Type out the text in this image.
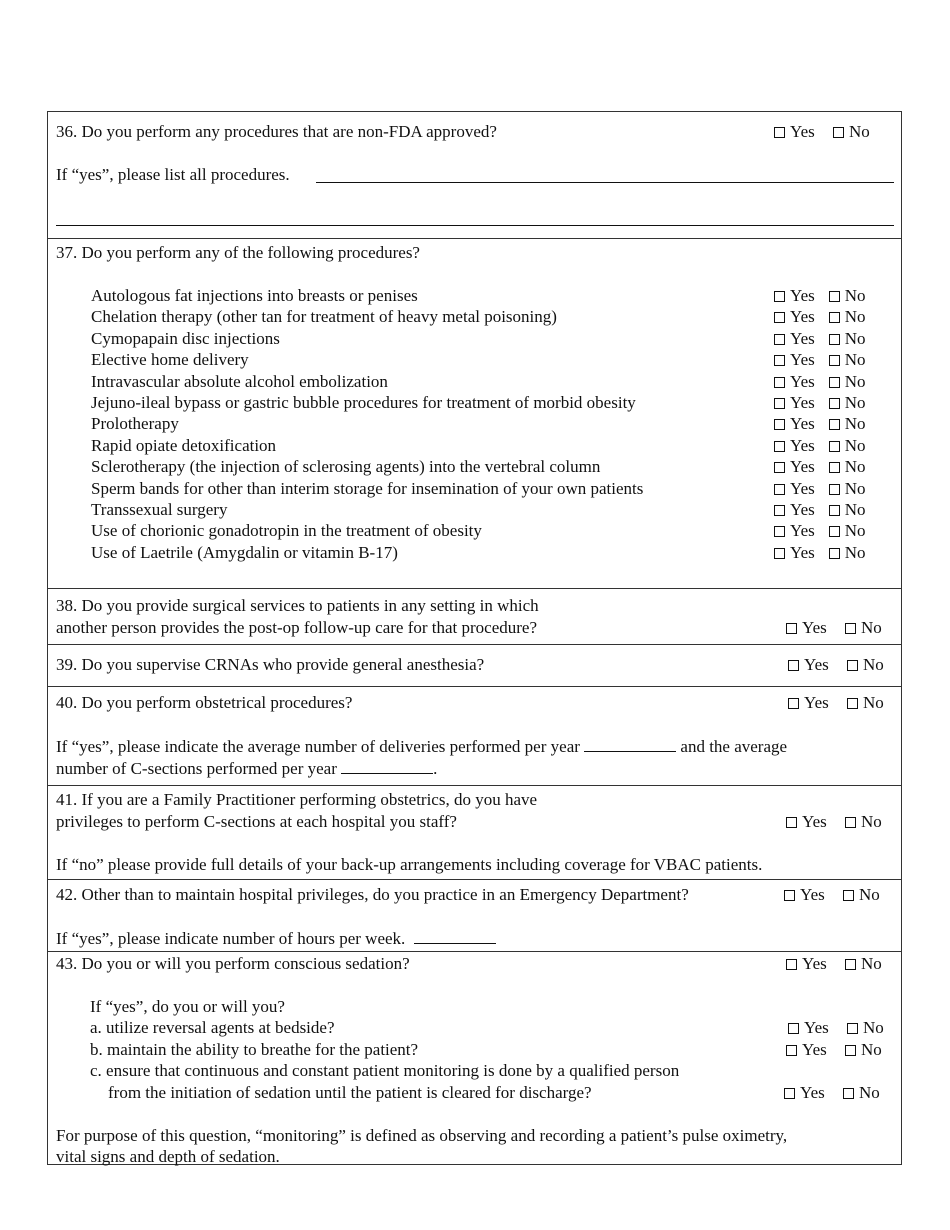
36. Do you perform any procedures that are non-FDA approved?	Yes No
If “yes”, please list all procedures.
37. Do you perform any of the following procedures?
Autologous fat injections into breasts or penises	Yes No
Chelation therapy (other tan for treatment of heavy metal poisoning)	Yes No
Cymopapain disc injections	Yes No
Elective home delivery	Yes No
Intravascular absolute alcohol embolization	Yes No
Jejuno-ileal bypass or gastric bubble procedures for treatment of morbid obesity	Yes No
Prolotherapy	Yes No
Rapid opiate detoxification	Yes No
Sclerotherapy (the injection of sclerosing agents) into the vertebral column	Yes No
Sperm bands for other than interim storage for insemination of your own patients	Yes No
Transsexual surgery	Yes No
Use of chorionic gonadotropin in the treatment of obesity	Yes No
Use of Laetrile (Amygdalin or vitamin B-17)	Yes No
38. Do you provide surgical services to patients in any setting in which
another person provides the post-op follow-up care for that procedure?	Yes No
39. Do you supervise CRNAs who provide general anesthesia?	Yes No
40. Do you perform obstetrical procedures?	Yes No
If “yes”, please indicate the average number of deliveries performed per year	and the average
number of C-sections performed per year	.
41. If you are a Family Practitioner performing obstetrics, do you have
privileges to perform C-sections at each hospital you staff?	Yes No
If “no” please provide full details of your back-up arrangements including coverage for VBAC patients.
42. Other than to maintain hospital privileges, do you practice in an Emergency Department?	Yes No
If “yes”, please indicate number of hours per week.
43. Do you or will you perform conscious sedation?	Yes No
If “yes”, do you or will you?
a. utilize reversal agents at bedside?	Yes No
b. maintain the ability to breathe for the patient?	Yes No
c. ensure that continuous and constant patient monitoring is done by a qualified person
from the initiation of sedation until the patient is cleared for discharge?	Yes No
For purpose of this question, “monitoring” is defined as observing and recording a patient’s pulse oximetry,
vital signs and depth of sedation.
